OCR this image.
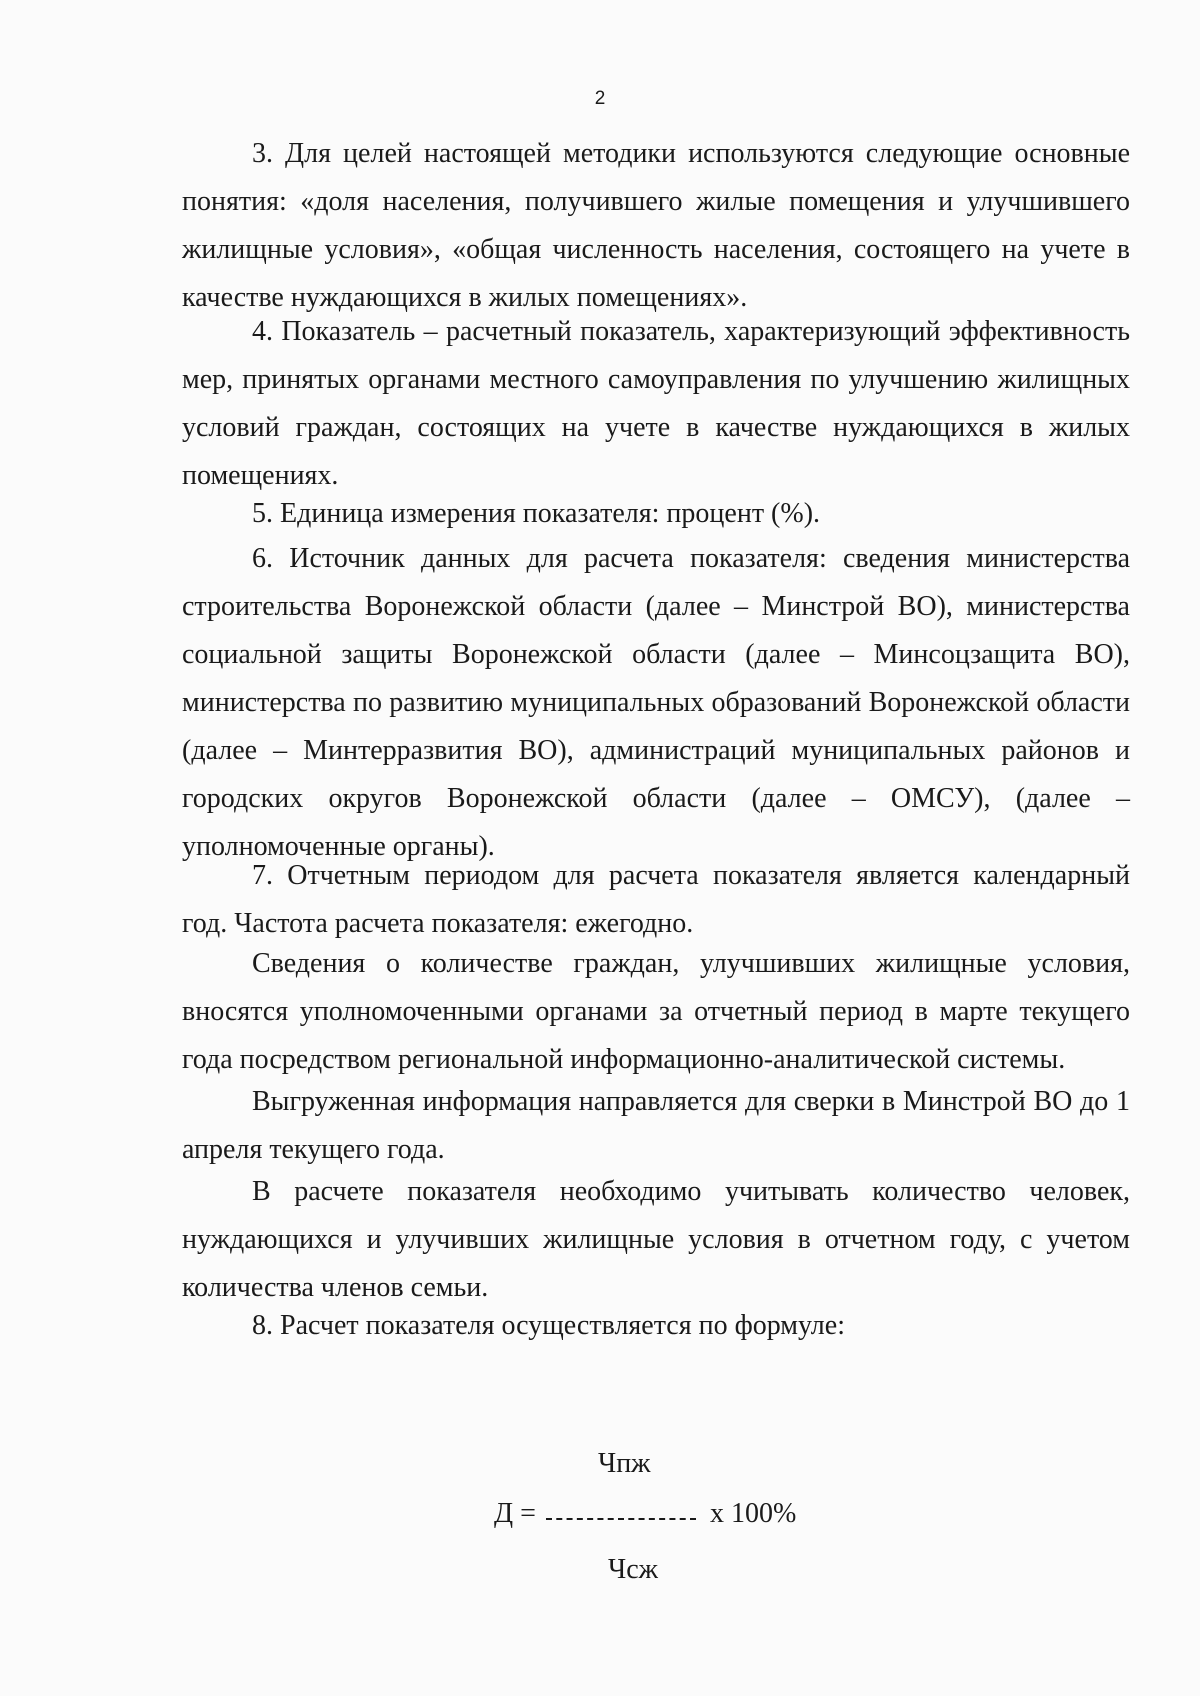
2

3. Для целей настоящей методики используются следующие основные понятия: «доля населения, получившего жилые помещения и улучшившего жилищные условия», «общая численность населения, состоящего на учете в качестве нуждающихся в жилых помещениях».

4. Показатель – расчетный показатель, характеризующий эффективность мер, принятых органами местного самоуправления по улучшению жилищных условий граждан, состоящих на учете в качестве нуждающихся в жилых помещениях.

5. Единица измерения показателя: процент (%).

6. Источник данных для расчета показателя: сведения министерства строительства Воронежской области (далее – Минстрой ВО), министерства социальной защиты Воронежской области (далее – Минсоцзащита ВО), министерства по развитию муниципальных образований Воронежской области (далее – Минтерразвития ВО), администраций муниципальных районов и городских округов Воронежской области (далее – ОМСУ), (далее – уполномоченные органы).

7. Отчетным периодом для расчета показателя является календарный год. Частота расчета показателя: ежегодно.

Сведения о количестве граждан, улучшивших жилищные условия, вносятся уполномоченными органами за отчетный период в марте текущего года посредством региональной информационно-аналитической системы.

Выгруженная информация направляется для сверки в Минстрой ВО до 1 апреля текущего года.

В расчете показателя необходимо учитывать количество человек, нуждающихся и улучивших жилищные условия в отчетном году, с учетом количества членов семьи.

8. Расчет показателя осуществляется по формуле:

Чпж
Д =	х 100%
Чсж
